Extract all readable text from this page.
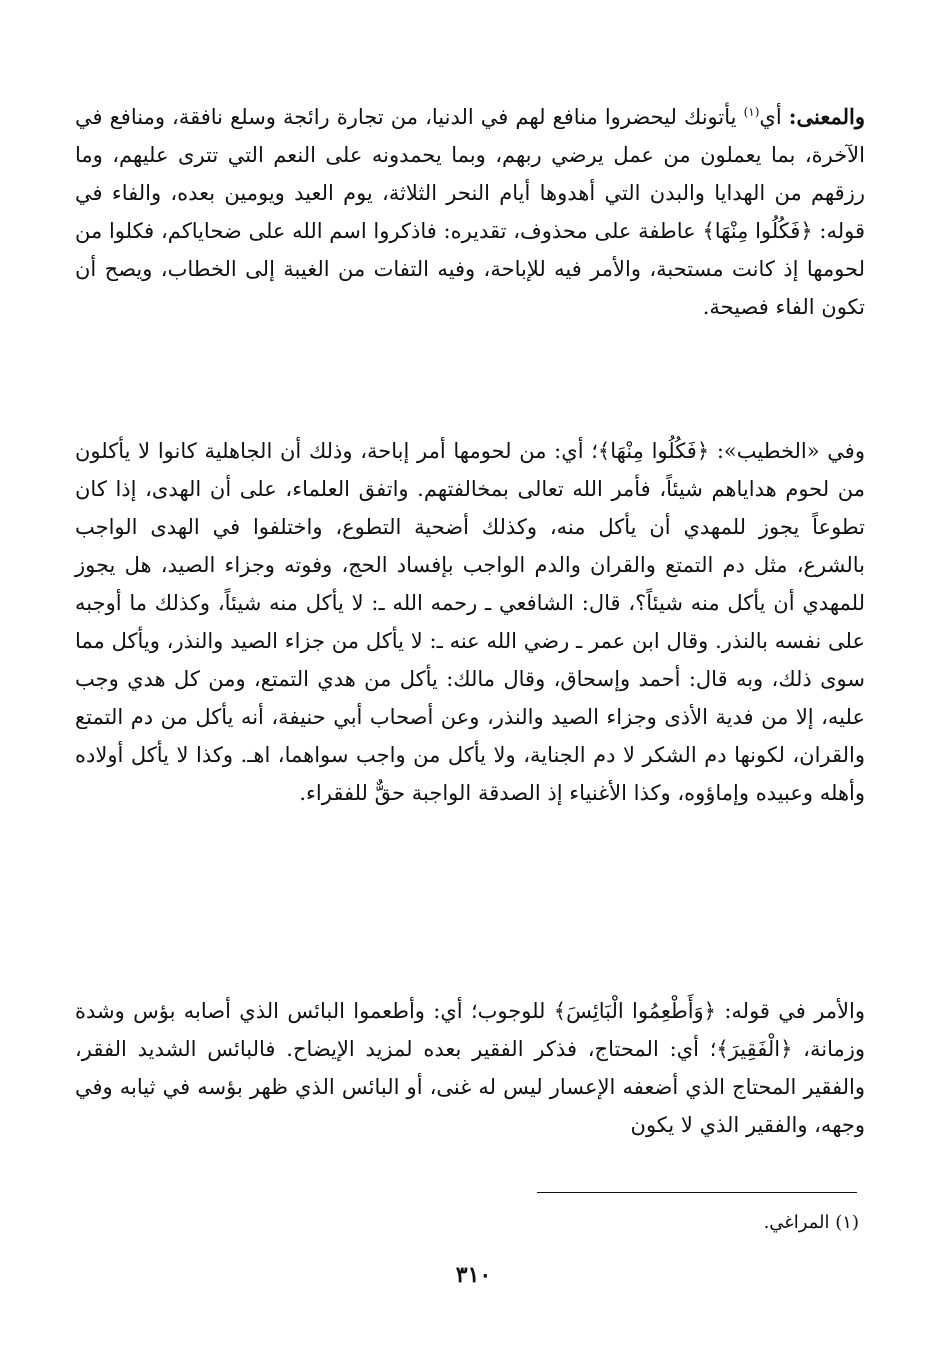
والمعنى: أي$^{(١)}$ يأتونك ليحضروا منافع لهم في الدنيا، من تجارة رائجة وسلع نافقة، ومنافع في الآخرة، بما يعملون من عمل يرضي ربهم، وبما يحمدونه على النعم التي تترى عليهم، وما رزقهم من الهدايا والبدن التي أهدوها أيام النحر الثلاثة، يوم العيد ويومين بعده، والفاء في قوله: ﴿فَكُلُوا مِنْهَا﴾ عاطفة على محذوف، تقديره: فاذكروا اسم الله على ضحاياكم، فكلوا من لحومها إذ كانت مستحبة، والأمر فيه للإباحة، وفيه التفات من الغيبة إلى الخطاب، ويصح أن تكون الفاء فصيحة.
وفي «الخطيب»: ﴿فَكُلُوا مِنْهَا﴾؛ أي: من لحومها أمر إباحة، وذلك أن الجاهلية كانوا لا يأكلون من لحوم هداياهم شيئاً، فأمر الله تعالى بمخالفتهم. واتفق العلماء، على أن الهدى، إذا كان تطوعاً يجوز للمهدي أن يأكل منه، وكذلك أضحية التطوع، واختلفوا في الهدى الواجب بالشرع، مثل دم التمتع والقران والدم الواجب بإفساد الحج، وفوته وجزاء الصيد، هل يجوز للمهدي أن يأكل منه شيئاً؟، قال: الشافعي ـ رحمه الله ـ: لا يأكل منه شيئاً، وكذلك ما أوجبه على نفسه بالنذر. وقال ابن عمر ـ رضي الله عنه ـ: لا يأكل من جزاء الصيد والنذر، ويأكل مما سوى ذلك، وبه قال: أحمد وإسحاق، وقال مالك: يأكل من هدي التمتع، ومن كل هدي وجب عليه، إلا من فدية الأذى وجزاء الصيد والنذر، وعن أصحاب أبي حنيفة، أنه يأكل من دم التمتع والقران، لكونها دم الشكر لا دم الجناية، ولا يأكل من واجب سواهما، اهـ. وكذا لا يأكل أولاده وأهله وعبيده وإماؤوه، وكذا الأغنياء إذ الصدقة الواجبة حقٌّ للفقراء.
والأمر في قوله: ﴿وَأَطْعِمُوا الْبَائِسَ﴾ للوجوب؛ أي: وأطعموا البائس الذي أصابه بؤس وشدة وزمانة، ﴿الْفَقِيرَ﴾؛ أي: المحتاج، فذكر الفقير بعده لمزيد الإيضاح. فالبائس الشديد الفقر، والفقير المحتاج الذي أضعفه الإعسار ليس له غنى، أو البائس الذي ظهر بؤسه في ثيابه وفي وجهه، والفقير الذي لا يكون
(١) المراغي.
٣١٠
